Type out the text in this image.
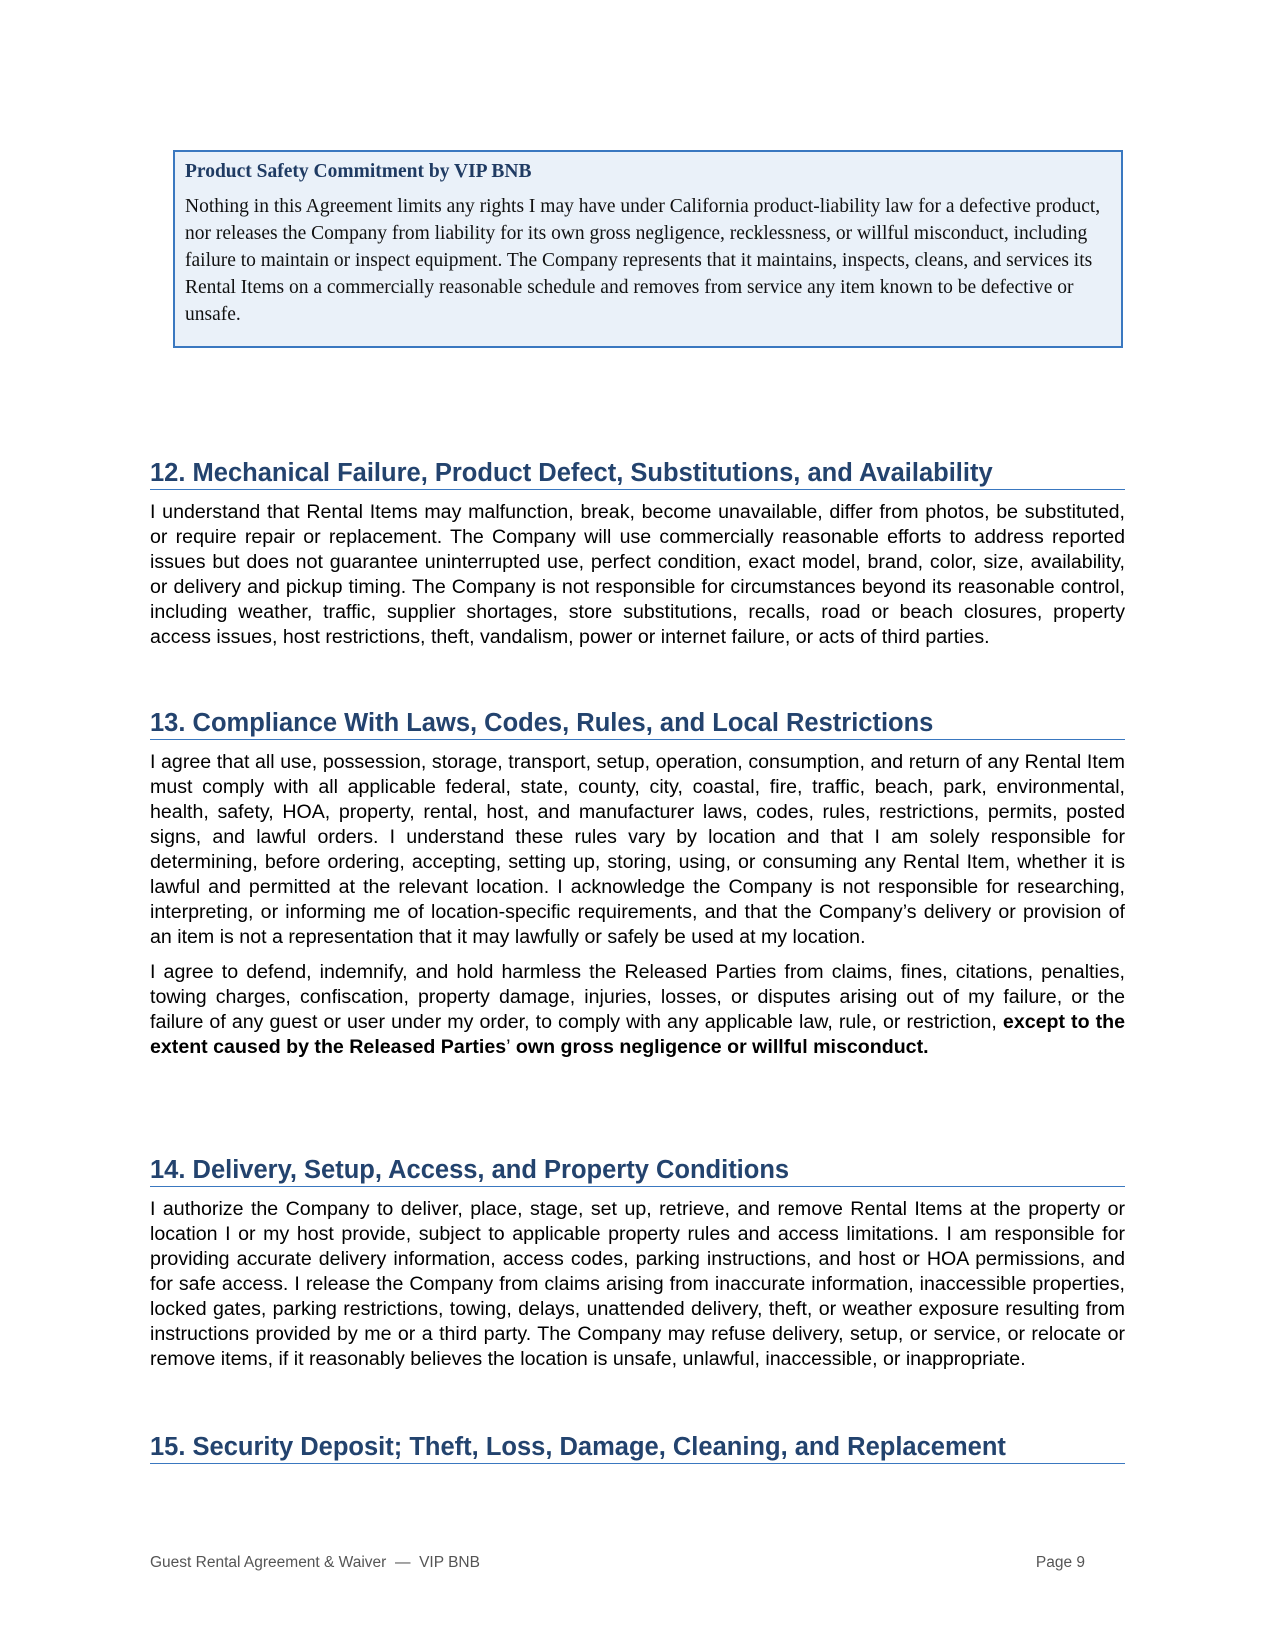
Product Safety Commitment by VIP BNB

Nothing in this Agreement limits any rights I may have under California product-liability law for a defective product, nor releases the Company from liability for its own gross negligence, recklessness, or willful misconduct, including failure to maintain or inspect equipment. The Company represents that it maintains, inspects, cleans, and services its Rental Items on a commercially reasonable schedule and removes from service any item known to be defective or unsafe.

12. Mechanical Failure, Product Defect, Substitutions, and Availability

I understand that Rental Items may malfunction, break, become unavailable, differ from photos, be substituted, or require repair or replacement. The Company will use commercially reasonable efforts to address reported issues but does not guarantee uninterrupted use, perfect condition, exact model, brand, color, size, availability, or delivery and pickup timing. The Company is not responsible for circumstances beyond its reasonable control, including weather, traffic, supplier shortages, store substitutions, recalls, road or beach closures, property access issues, host restrictions, theft, vandalism, power or internet failure, or acts of third parties.

13. Compliance With Laws, Codes, Rules, and Local Restrictions

I agree that all use, possession, storage, transport, setup, operation, consumption, and return of any Rental Item must comply with all applicable federal, state, county, city, coastal, fire, traffic, beach, park, environmental, health, safety, HOA, property, rental, host, and manufacturer laws, codes, rules, restrictions, permits, posted signs, and lawful orders. I understand these rules vary by location and that I am solely responsible for determining, before ordering, accepting, setting up, storing, using, or consuming any Rental Item, whether it is lawful and permitted at the relevant location. I acknowledge the Company is not responsible for researching, interpreting, or informing me of location-specific requirements, and that the Company’s delivery or provision of an item is not a representation that it may lawfully or safely be used at my location.

I agree to defend, indemnify, and hold harmless the Released Parties from claims, fines, citations, penalties, towing charges, confiscation, property damage, injuries, losses, or disputes arising out of my failure, or the failure of any guest or user under my order, to comply with any applicable law, rule, or restriction, except to the extent caused by the Released Parties’ own gross negligence or willful misconduct.

14. Delivery, Setup, Access, and Property Conditions

I authorize the Company to deliver, place, stage, set up, retrieve, and remove Rental Items at the property or location I or my host provide, subject to applicable property rules and access limitations. I am responsible for providing accurate delivery information, access codes, parking instructions, and host or HOA permissions, and for safe access. I release the Company from claims arising from inaccurate information, inaccessible properties, locked gates, parking restrictions, towing, delays, unattended delivery, theft, or weather exposure resulting from instructions provided by me or a third party. The Company may refuse delivery, setup, or service, or relocate or remove items, if it reasonably believes the location is unsafe, unlawful, inaccessible, or inappropriate.

15. Security Deposit; Theft, Loss, Damage, Cleaning, and Replacement
Guest Rental Agreement & Waiver  —  VIP BNB	Page 9
